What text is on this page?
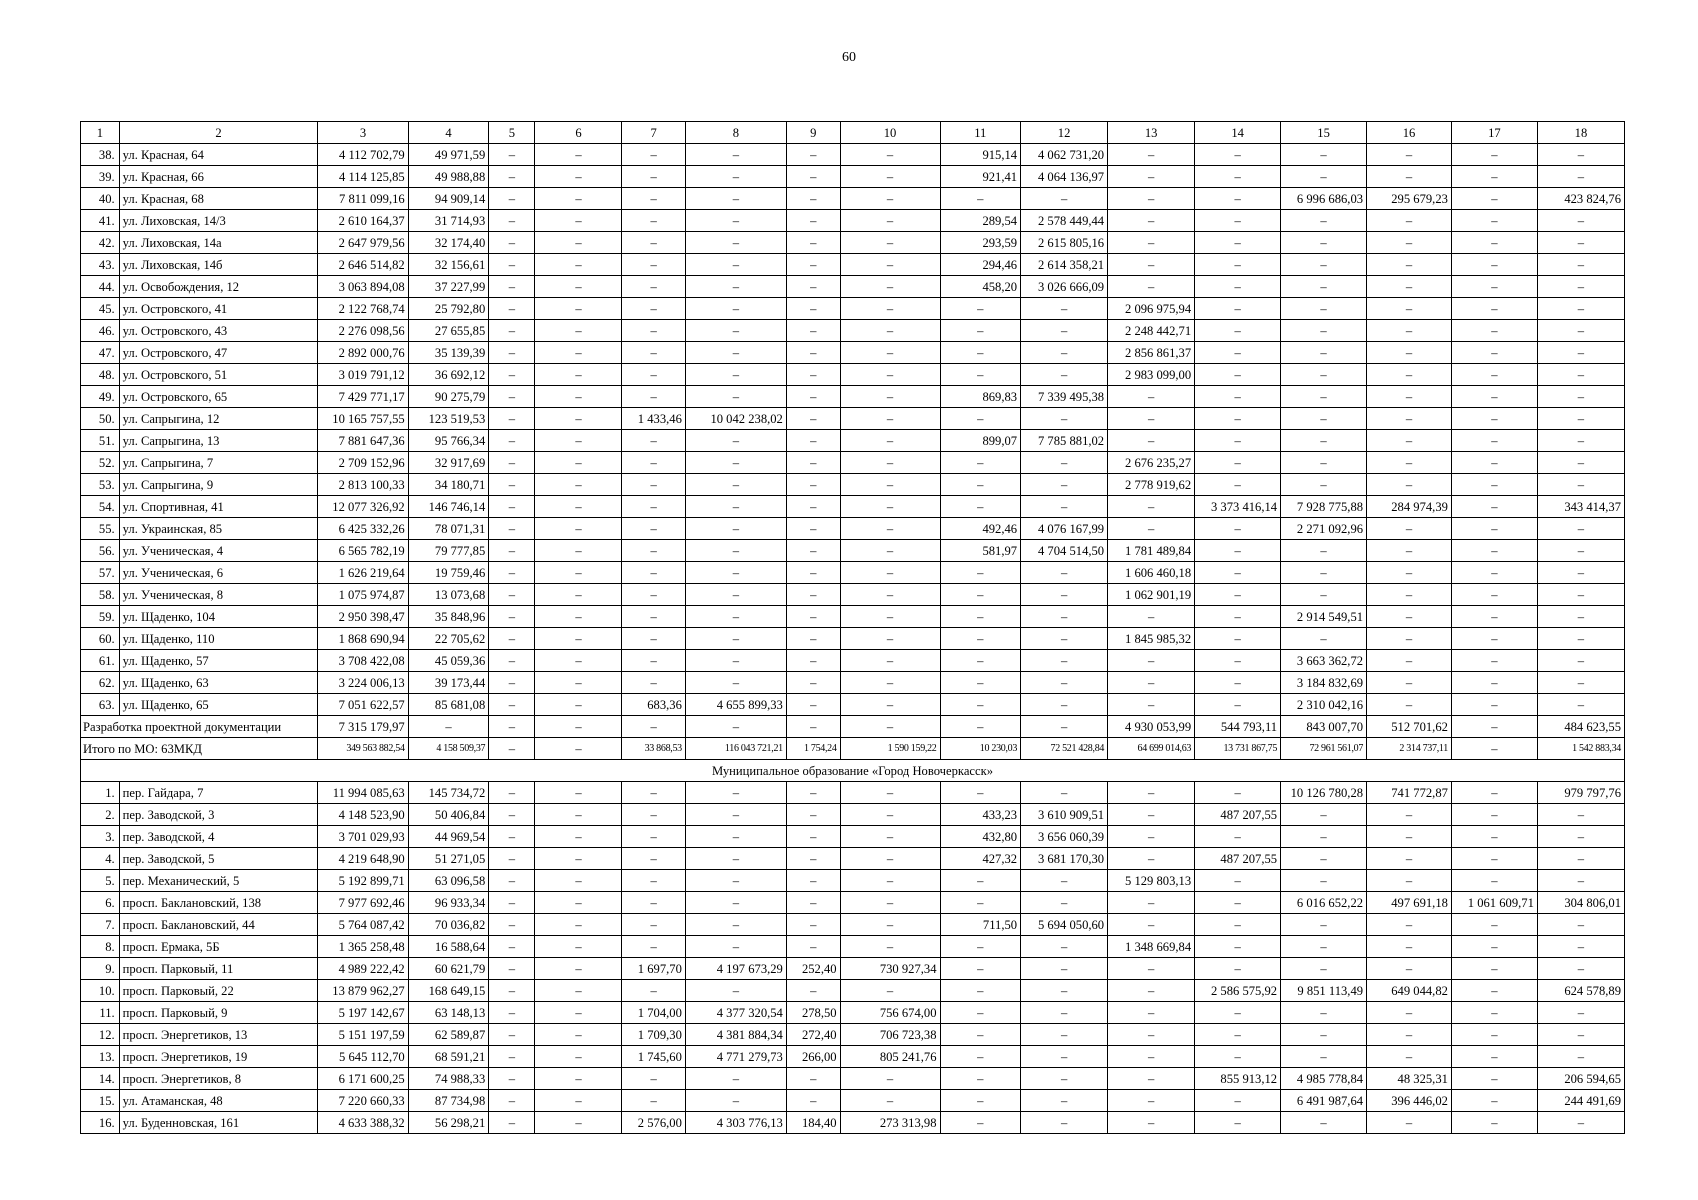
60
1	2	3	4	5	6	7	8	9	10	11	12	13	14	15	16	17	18
38.	ул. Красная, 64	4 112 702,79	49 971,59	–	–	–	–	–	–	915,14	4 062 731,20	–	–	–	–	–	–
39.	ул. Красная, 66	4 114 125,85	49 988,88	–	–	–	–	–	–	921,41	4 064 136,97	–	–	–	–	–	–
40.	ул. Красная, 68	7 811 099,16	94 909,14	–	–	–	–	–	–	–	–	–	–	6 996 686,03	295 679,23	–	423 824,76
41.	ул. Лиховская, 14/3	2 610 164,37	31 714,93	–	–	–	–	–	–	289,54	2 578 449,44	–	–	–	–	–	–
42.	ул. Лиховская, 14а	2 647 979,56	32 174,40	–	–	–	–	–	–	293,59	2 615 805,16	–	–	–	–	–	–
43.	ул. Лиховская, 14б	2 646 514,82	32 156,61	–	–	–	–	–	–	294,46	2 614 358,21	–	–	–	–	–	–
44.	ул. Освобождения, 12	3 063 894,08	37 227,99	–	–	–	–	–	–	458,20	3 026 666,09	–	–	–	–	–	–
45.	ул. Островского, 41	2 122 768,74	25 792,80	–	–	–	–	–	–	–	–	2 096 975,94	–	–	–	–	–
46.	ул. Островского, 43	2 276 098,56	27 655,85	–	–	–	–	–	–	–	–	2 248 442,71	–	–	–	–	–
47.	ул. Островского, 47	2 892 000,76	35 139,39	–	–	–	–	–	–	–	–	2 856 861,37	–	–	–	–	–
48.	ул. Островского, 51	3 019 791,12	36 692,12	–	–	–	–	–	–	–	–	2 983 099,00	–	–	–	–	–
49.	ул. Островского, 65	7 429 771,17	90 275,79	–	–	–	–	–	–	869,83	7 339 495,38	–	–	–	–	–	–
50.	ул. Сапрыгина, 12	10 165 757,55	123 519,53	–	–	1 433,46	10 042 238,02	–	–	–	–	–	–	–	–	–	–
51.	ул. Сапрыгина, 13	7 881 647,36	95 766,34	–	–	–	–	–	–	899,07	7 785 881,02	–	–	–	–	–	–
52.	ул. Сапрыгина, 7	2 709 152,96	32 917,69	–	–	–	–	–	–	–	–	2 676 235,27	–	–	–	–	–
53.	ул. Сапрыгина, 9	2 813 100,33	34 180,71	–	–	–	–	–	–	–	–	2 778 919,62	–	–	–	–	–
54.	ул. Спортивная, 41	12 077 326,92	146 746,14	–	–	–	–	–	–	–	–	–	3 373 416,14	7 928 775,88	284 974,39	–	343 414,37
55.	ул. Украинская, 85	6 425 332,26	78 071,31	–	–	–	–	–	–	492,46	4 076 167,99	–	–	2 271 092,96	–	–	–
56.	ул. Ученическая, 4	6 565 782,19	79 777,85	–	–	–	–	–	–	581,97	4 704 514,50	1 781 489,84	–	–	–	–	–
57.	ул. Ученическая, 6	1 626 219,64	19 759,46	–	–	–	–	–	–	–	–	1 606 460,18	–	–	–	–	–
58.	ул. Ученическая, 8	1 075 974,87	13 073,68	–	–	–	–	–	–	–	–	1 062 901,19	–	–	–	–	–
59.	ул. Щаденко, 104	2 950 398,47	35 848,96	–	–	–	–	–	–	–	–	–	–	2 914 549,51	–	–	–
60.	ул. Щаденко, 110	1 868 690,94	22 705,62	–	–	–	–	–	–	–	–	1 845 985,32	–	–	–	–	–
61.	ул. Щаденко, 57	3 708 422,08	45 059,36	–	–	–	–	–	–	–	–	–	–	3 663 362,72	–	–	–
62.	ул. Щаденко, 63	3 224 006,13	39 173,44	–	–	–	–	–	–	–	–	–	–	3 184 832,69	–	–	–
63.	ул. Щаденко, 65	7 051 622,57	85 681,08	–	–	683,36	4 655 899,33	–	–	–	–	–	–	2 310 042,16	–	–	–
Разработка проектной документации		7 315 179,97	–	–	–	–	–	–	–	–	–	4 930 053,99	544 793,11	843 007,70	512 701,62	–	484 623,55
Итого по МО: 63МКД		349 563 882,54	4 158 509,37	–	–	33 868,53	116 043 721,21	1 754,24	1 590 159,22	10 230,03	72 521 428,84	64 699 014,63	13 731 867,75	72 961 561,07	2 314 737,11	–	1 542 883,34
Муниципальное образование «Город Новочеркасск»																	
1.	пер. Гайдара, 7	11 994 085,63	145 734,72	–	–	–	–	–	–	–	–	–	–	10 126 780,28	741 772,87	–	979 797,76
2.	пер. Заводской, 3	4 148 523,90	50 406,84	–	–	–	–	–	–	433,23	3 610 909,51	–	487 207,55	–	–	–	–
3.	пер. Заводской, 4	3 701 029,93	44 969,54	–	–	–	–	–	–	432,80	3 656 060,39	–	–	–	–	–	–
4.	пер. Заводской, 5	4 219 648,90	51 271,05	–	–	–	–	–	–	427,32	3 681 170,30	–	487 207,55	–	–	–	–
5.	пер. Механический, 5	5 192 899,71	63 096,58	–	–	–	–	–	–	–	–	5 129 803,13	–	–	–	–	–
6.	просп. Баклановский, 138	7 977 692,46	96 933,34	–	–	–	–	–	–	–	–	–	–	6 016 652,22	497 691,18	1 061 609,71	304 806,01
7.	просп. Баклановский, 44	5 764 087,42	70 036,82	–	–	–	–	–	–	711,50	5 694 050,60	–	–	–	–	–	–
8.	просп. Ермака, 5Б	1 365 258,48	16 588,64	–	–	–	–	–	–	–	–	1 348 669,84	–	–	–	–	–
9.	просп. Парковый, 11	4 989 222,42	60 621,79	–	–	1 697,70	4 197 673,29	252,40	730 927,34	–	–	–	–	–	–	–	–
10.	просп. Парковый, 22	13 879 962,27	168 649,15	–	–	–	–	–	–	–	–	–	2 586 575,92	9 851 113,49	649 044,82	–	624 578,89
11.	просп. Парковый, 9	5 197 142,67	63 148,13	–	–	1 704,00	4 377 320,54	278,50	756 674,00	–	–	–	–	–	–	–	–
12.	просп. Энергетиков, 13	5 151 197,59	62 589,87	–	–	1 709,30	4 381 884,34	272,40	706 723,38	–	–	–	–	–	–	–	–
13.	просп. Энергетиков, 19	5 645 112,70	68 591,21	–	–	1 745,60	4 771 279,73	266,00	805 241,76	–	–	–	–	–	–	–	–
14.	просп. Энергетиков, 8	6 171 600,25	74 988,33	–	–	–	–	–	–	–	–	–	855 913,12	4 985 778,84	48 325,31	–	206 594,65
15.	ул. Атаманская, 48	7 220 660,33	87 734,98	–	–	–	–	–	–	–	–	–	–	6 491 987,64	396 446,02	–	244 491,69
16.	ул. Буденновская, 161	4 633 388,32	56 298,21	–	–	2 576,00	4 303 776,13	184,40	273 313,98	–	–	–	–	–	–	–	–
